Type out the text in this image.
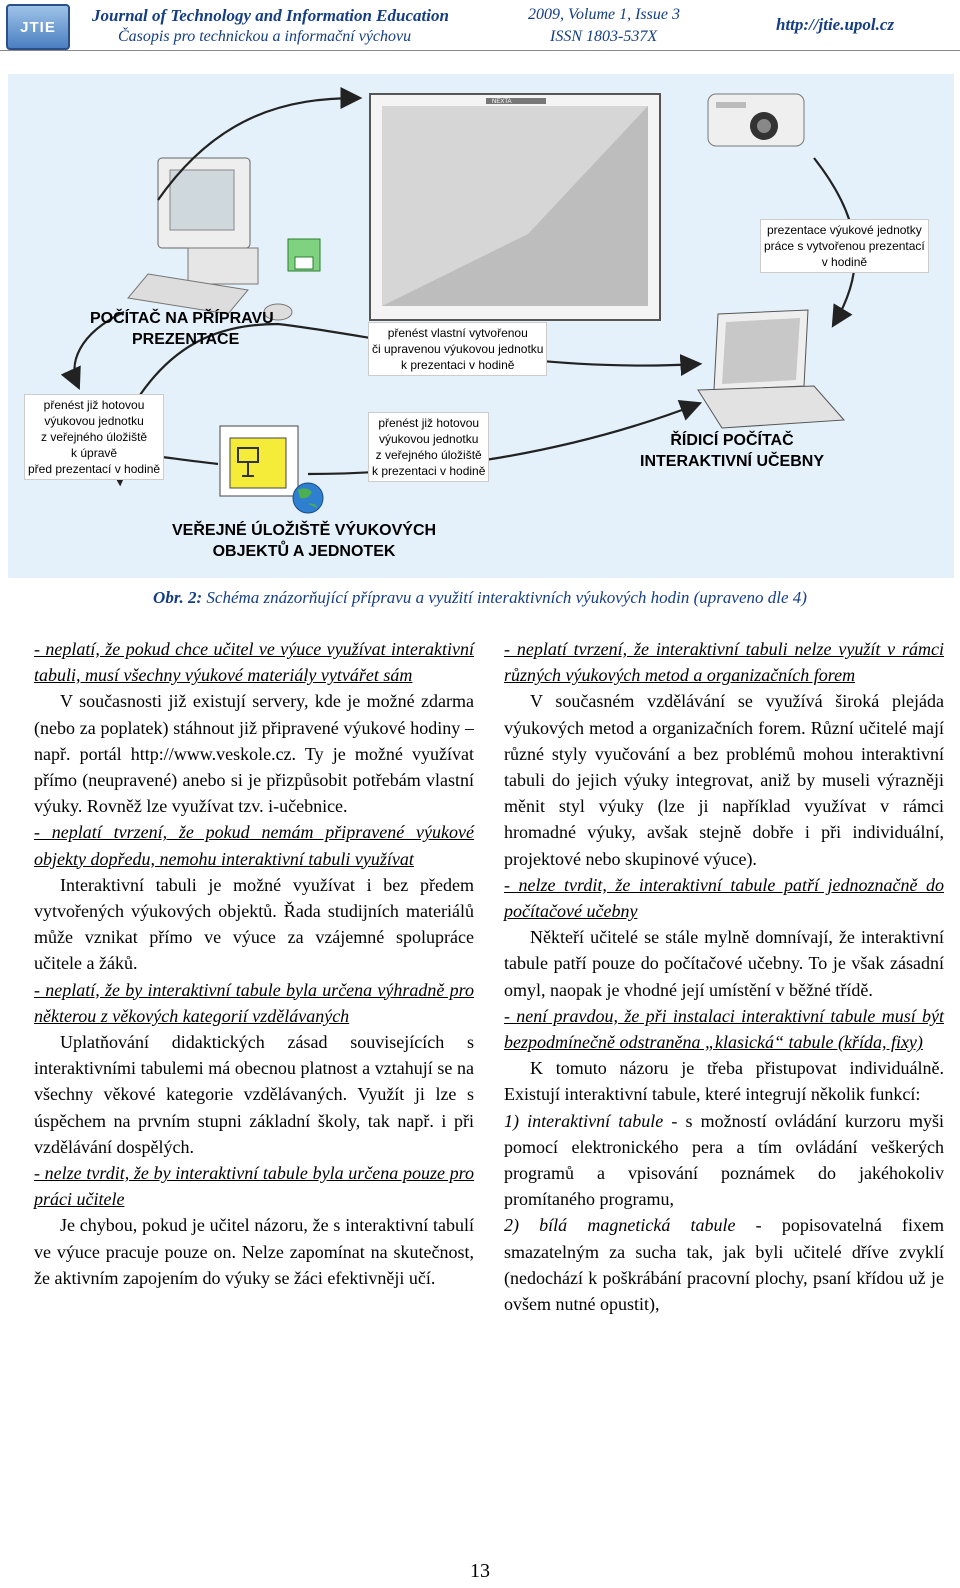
JTIE
Journal of Technology and Information Education
Časopis pro technickou a informační výchovu
2009, Volume 1, Issue 3
ISSN 1803-537X
http://jtie.upol.cz
NEXTA
prezentace výukové jednotky
práce s vytvořenou prezentací
v hodině
POČÍTAČ NA PŘÍPRAVU
PREZENTACE	přenést vlastní vytvořenou
či upravenou výukovou jednotku
k prezentaci v hodině
přenést již hotovou
výukovou jednotku
z veřejného úložiště
k úpravě
před prezentací v hodině
přenést již hotovou
výukovou jednotku
z veřejného úložiště
k prezentaci v hodině
ŘÍDICÍ POČÍTAČ
INTERAKTIVNÍ UČEBNY
VEŘEJNÉ ÚLOŽIŠTĚ VÝUKOVÝCH
OBJEKTŮ A JEDNOTEK
Obr. 2: Schéma znázorňující přípravu a využití interaktivních výukových hodin (upraveno dle 4)

- neplatí, že pokud chce učitel ve výuce využívat interaktivní tabuli, musí všechny výukové materiály vytvářet sám

V současnosti již existují servery, kde je možné zdarma (nebo za poplatek) stáhnout již připravené výukové hodiny – např. portál http://www.veskole.cz. Ty je možné využívat přímo (neupravené) anebo si je přizpůsobit potřebám vlastní výuky. Rovněž lze využívat tzv. i-učebnice.

- neplatí tvrzení, že pokud nemám připravené výukové objekty dopředu, nemohu interaktivní tabuli využívat

Interaktivní tabuli je možné využívat i bez předem vytvořených výukových objektů. Řada studijních materiálů může vznikat přímo ve výuce za vzájemné spolupráce učitele a žáků.

- neplatí, že by interaktivní tabule byla určena výhradně pro některou z věkových kategorií vzdělávaných

Uplatňování didaktických zásad souvisejících s interaktivními tabulemi má obecnou platnost a vztahují se na všechny věkové kategorie vzdělávaných. Využít ji lze s úspěchem na prvním stupni základní školy, tak např. i při vzdělávání dospělých.

- nelze tvrdit, že by interaktivní tabule byla určena pouze pro práci učitele

Je chybou, pokud je učitel názoru, že s interaktivní tabulí ve výuce pracuje pouze on. Nelze zapomínat na skutečnost, že aktivním zapojením do výuky se žáci efektivněji učí.

- neplatí tvrzení, že interaktivní tabuli nelze využít v rámci různých výukových metod a organizačních forem

V současném vzdělávání se využívá široká plejáda výukových metod a organizačních forem. Různí učitelé mají různé styly vyučování a bez problémů mohou interaktivní tabuli do jejich výuky integrovat, aniž by museli výrazněji měnit styl výuky (lze ji například využívat v rámci hromadné výuky, avšak stejně dobře i při individuální, projektové nebo skupinové výuce).

- nelze tvrdit, že interaktivní tabule patří jednoznačně do počítačové učebny

Někteří učitelé se stále mylně domnívají, že interaktivní tabule patří pouze do počítačové učebny. To je však zásadní omyl, naopak je vhodné její umístění v běžné třídě.

- není pravdou, že při instalaci interaktivní tabule musí být bezpodmínečně odstraněna „klasická“ tabule (křída, fixy)

K tomuto názoru je třeba přistupovat individuálně. Existují interaktivní tabule, které integrují několik funkcí:

1) interaktivní tabule - s možností ovládání kurzoru myši pomocí elektronického pera a tím ovládání veškerých programů a vpisování poznámek do jakéhokoliv promítaného programu,

2) bílá magnetická tabule - popisovatelná fixem smazatelným za sucha tak, jak byli učitelé dříve zvyklí (nedochází k poškrábání pracovní plochy, psaní křídou už je ovšem nutné opustit),

13
